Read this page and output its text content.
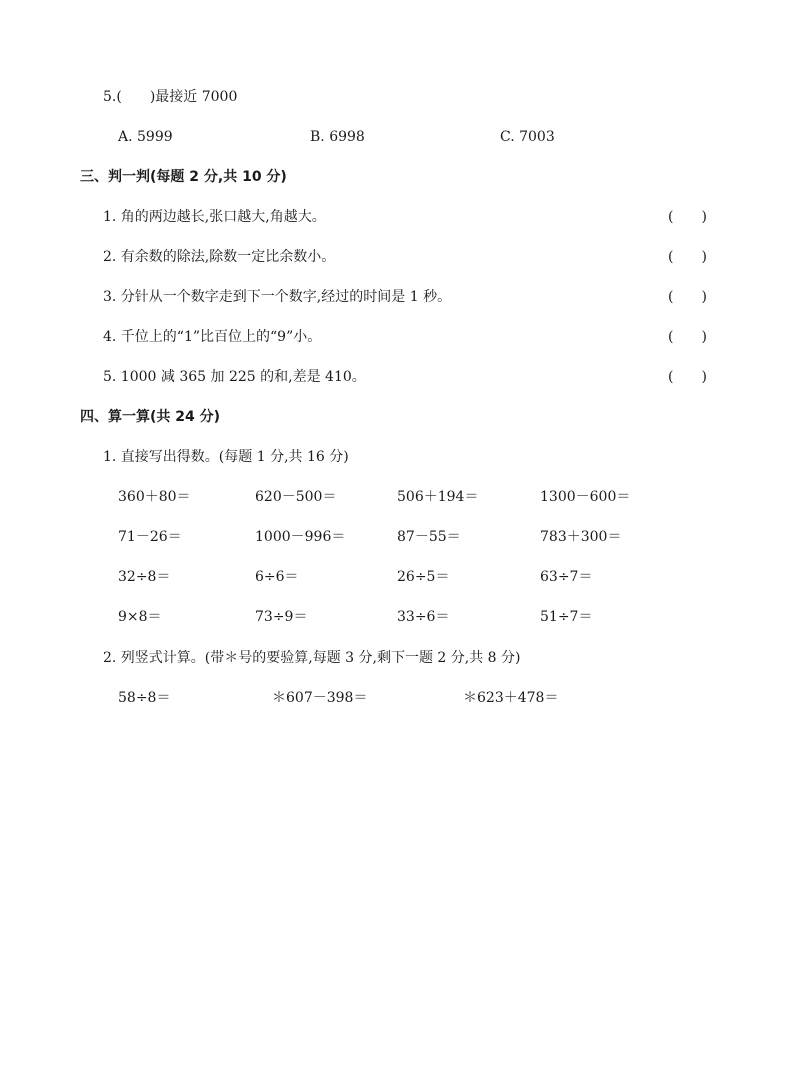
5.(　　)最接近 7000
A. 5999	B. 6998	C. 7003
三、判一判(每题 2 分,共 10 分)
1. 角的两边越长,张口越大,角越大。	(　　)
2. 有余数的除法,除数一定比余数小。	(　　)
3. 分针从一个数字走到下一个数字,经过的时间是 1 秒。	(　　)
4. 千位上的“1”比百位上的“9”小。	(　　)
5. 1000 减 365 加 225 的和,差是 410。	(　　)
四、算一算(共 24 分)
1. 直接写出得数。(每题 1 分,共 16 分)
360＋80＝	620－500＝	506＋194＝	1300－600＝
71－26＝	1000－996＝	87－55＝	783＋300＝
32÷8＝	6÷6＝	26÷5＝	63÷7＝
9×8＝	73÷9＝	33÷6＝	51÷7＝
2. 列竖式计算。(带＊号的要验算,每题 3 分,剩下一题 2 分,共 8 分)
58÷8＝	＊607－398＝	＊623＋478＝
